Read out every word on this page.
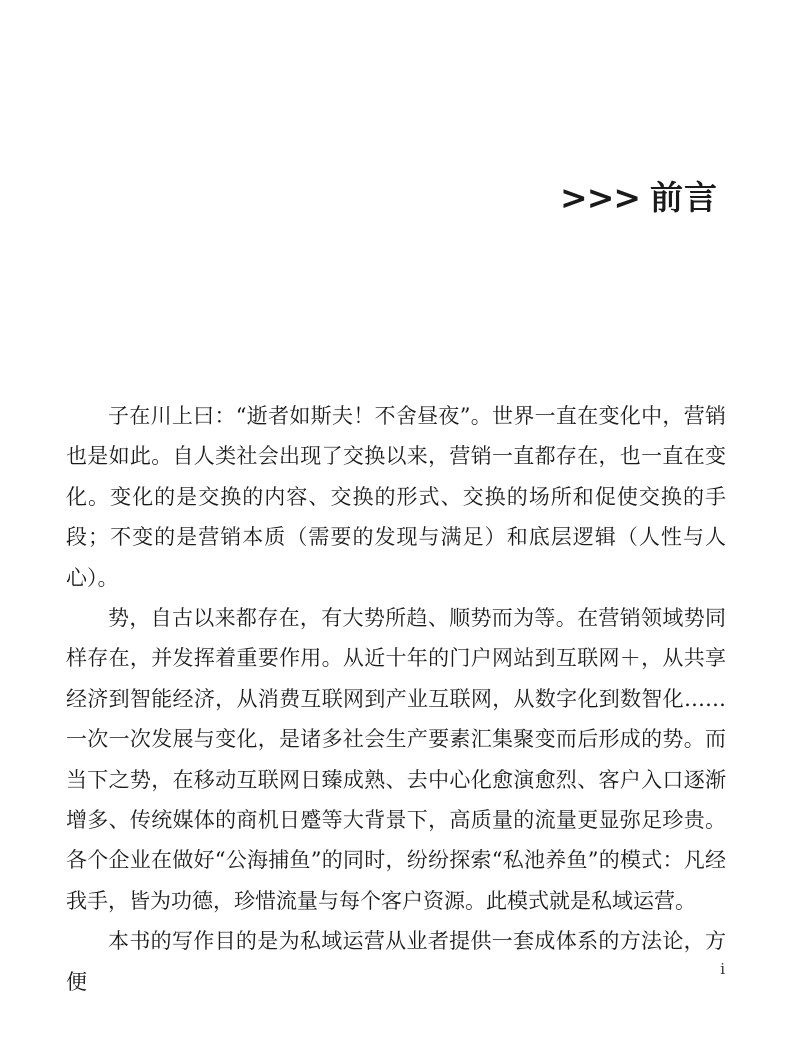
>>> 前言

子在川上曰：“逝者如斯夫！不舍昼夜”。世界一直在变化中，营销也是如此。自人类社会出现了交换以来，营销一直都存在，也一直在变化。变化的是交换的内容、交换的形式、交换的场所和促使交换的手段；不变的是营销本质（需要的发现与满足）和底层逻辑（人性与人心）。

势，自古以来都存在，有大势所趋、顺势而为等。在营销领域势同样存在，并发挥着重要作用。从近十年的门户网站到互联网＋，从共享经济到智能经济，从消费互联网到产业互联网，从数字化到数智化……一次一次发展与变化，是诸多社会生产要素汇集聚变而后形成的势。而当下之势，在移动互联网日臻成熟、去中心化愈演愈烈、客户入口逐渐增多、传统媒体的商机日蹙等大背景下，高质量的流量更显弥足珍贵。各个企业在做好“公海捕鱼”的同时，纷纷探索“私池养鱼”的模式：凡经我手，皆为功德，珍惜流量与每个客户资源。此模式就是私域运营。

本书的写作目的是为私域运营从业者提供一套成体系的方法论，方便

i
